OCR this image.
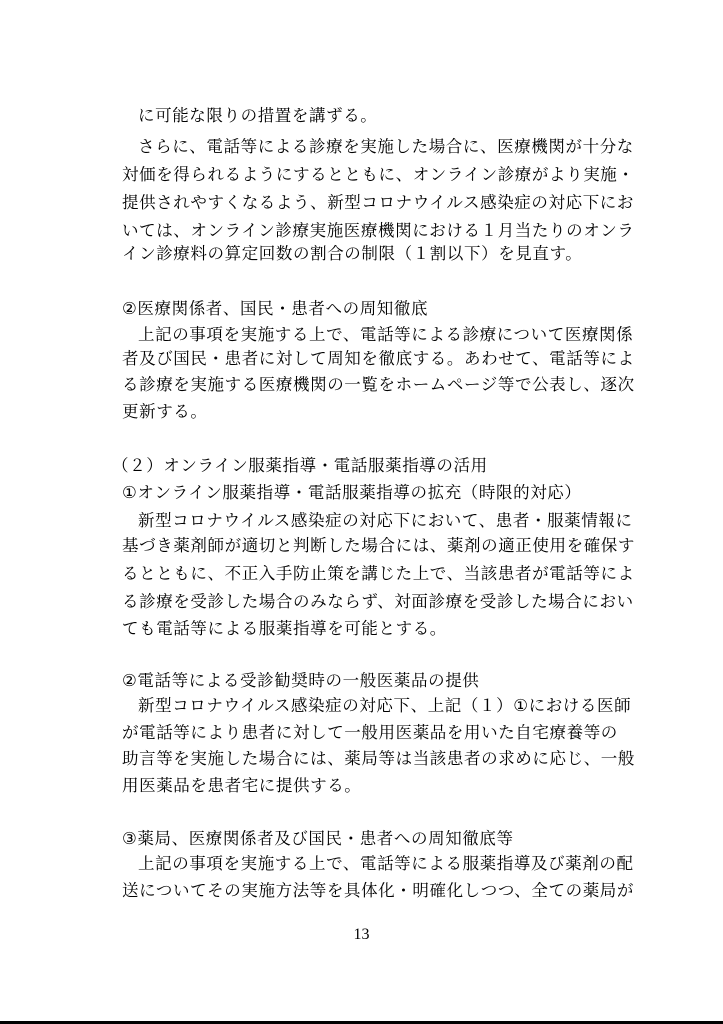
に可能な限りの措置を講ずる。
さらに、電話等による診療を実施した場合に、医療機関が十分な
対価を得られるようにするとともに、オンライン診療がより実施・
提供されやすくなるよう、新型コロナウイルス感染症の対応下にお
いては、オンライン診療実施医療機関における１月当たりのオンラ
イン診療料の算定回数の割合の制限（１割以下）を見直す。
②医療関係者、国民・患者への周知徹底
上記の事項を実施する上で、電話等による診療について医療関係
者及び国民・患者に対して周知を徹底する。あわせて、電話等によ
る診療を実施する医療機関の一覧をホームページ等で公表し、逐次
更新する。
（２）オンライン服薬指導・電話服薬指導の活用
①オンライン服薬指導・電話服薬指導の拡充（時限的対応）
新型コロナウイルス感染症の対応下において、患者・服薬情報に
基づき薬剤師が適切と判断した場合には、薬剤の適正使用を確保す
るとともに、不正入手防止策を講じた上で、当該患者が電話等によ
る診療を受診した場合のみならず、対面診療を受診した場合におい
ても電話等による服薬指導を可能とする。
②電話等による受診勧奨時の一般医薬品の提供
新型コロナウイルス感染症の対応下、上記（１）①における医師
が電話等により患者に対して一般用医薬品を用いた自宅療養等の
助言等を実施した場合には、薬局等は当該患者の求めに応じ、一般
用医薬品を患者宅に提供する。
③薬局、医療関係者及び国民・患者への周知徹底等
上記の事項を実施する上で、電話等による服薬指導及び薬剤の配
送についてその実施方法等を具体化・明確化しつつ、全ての薬局が
13
